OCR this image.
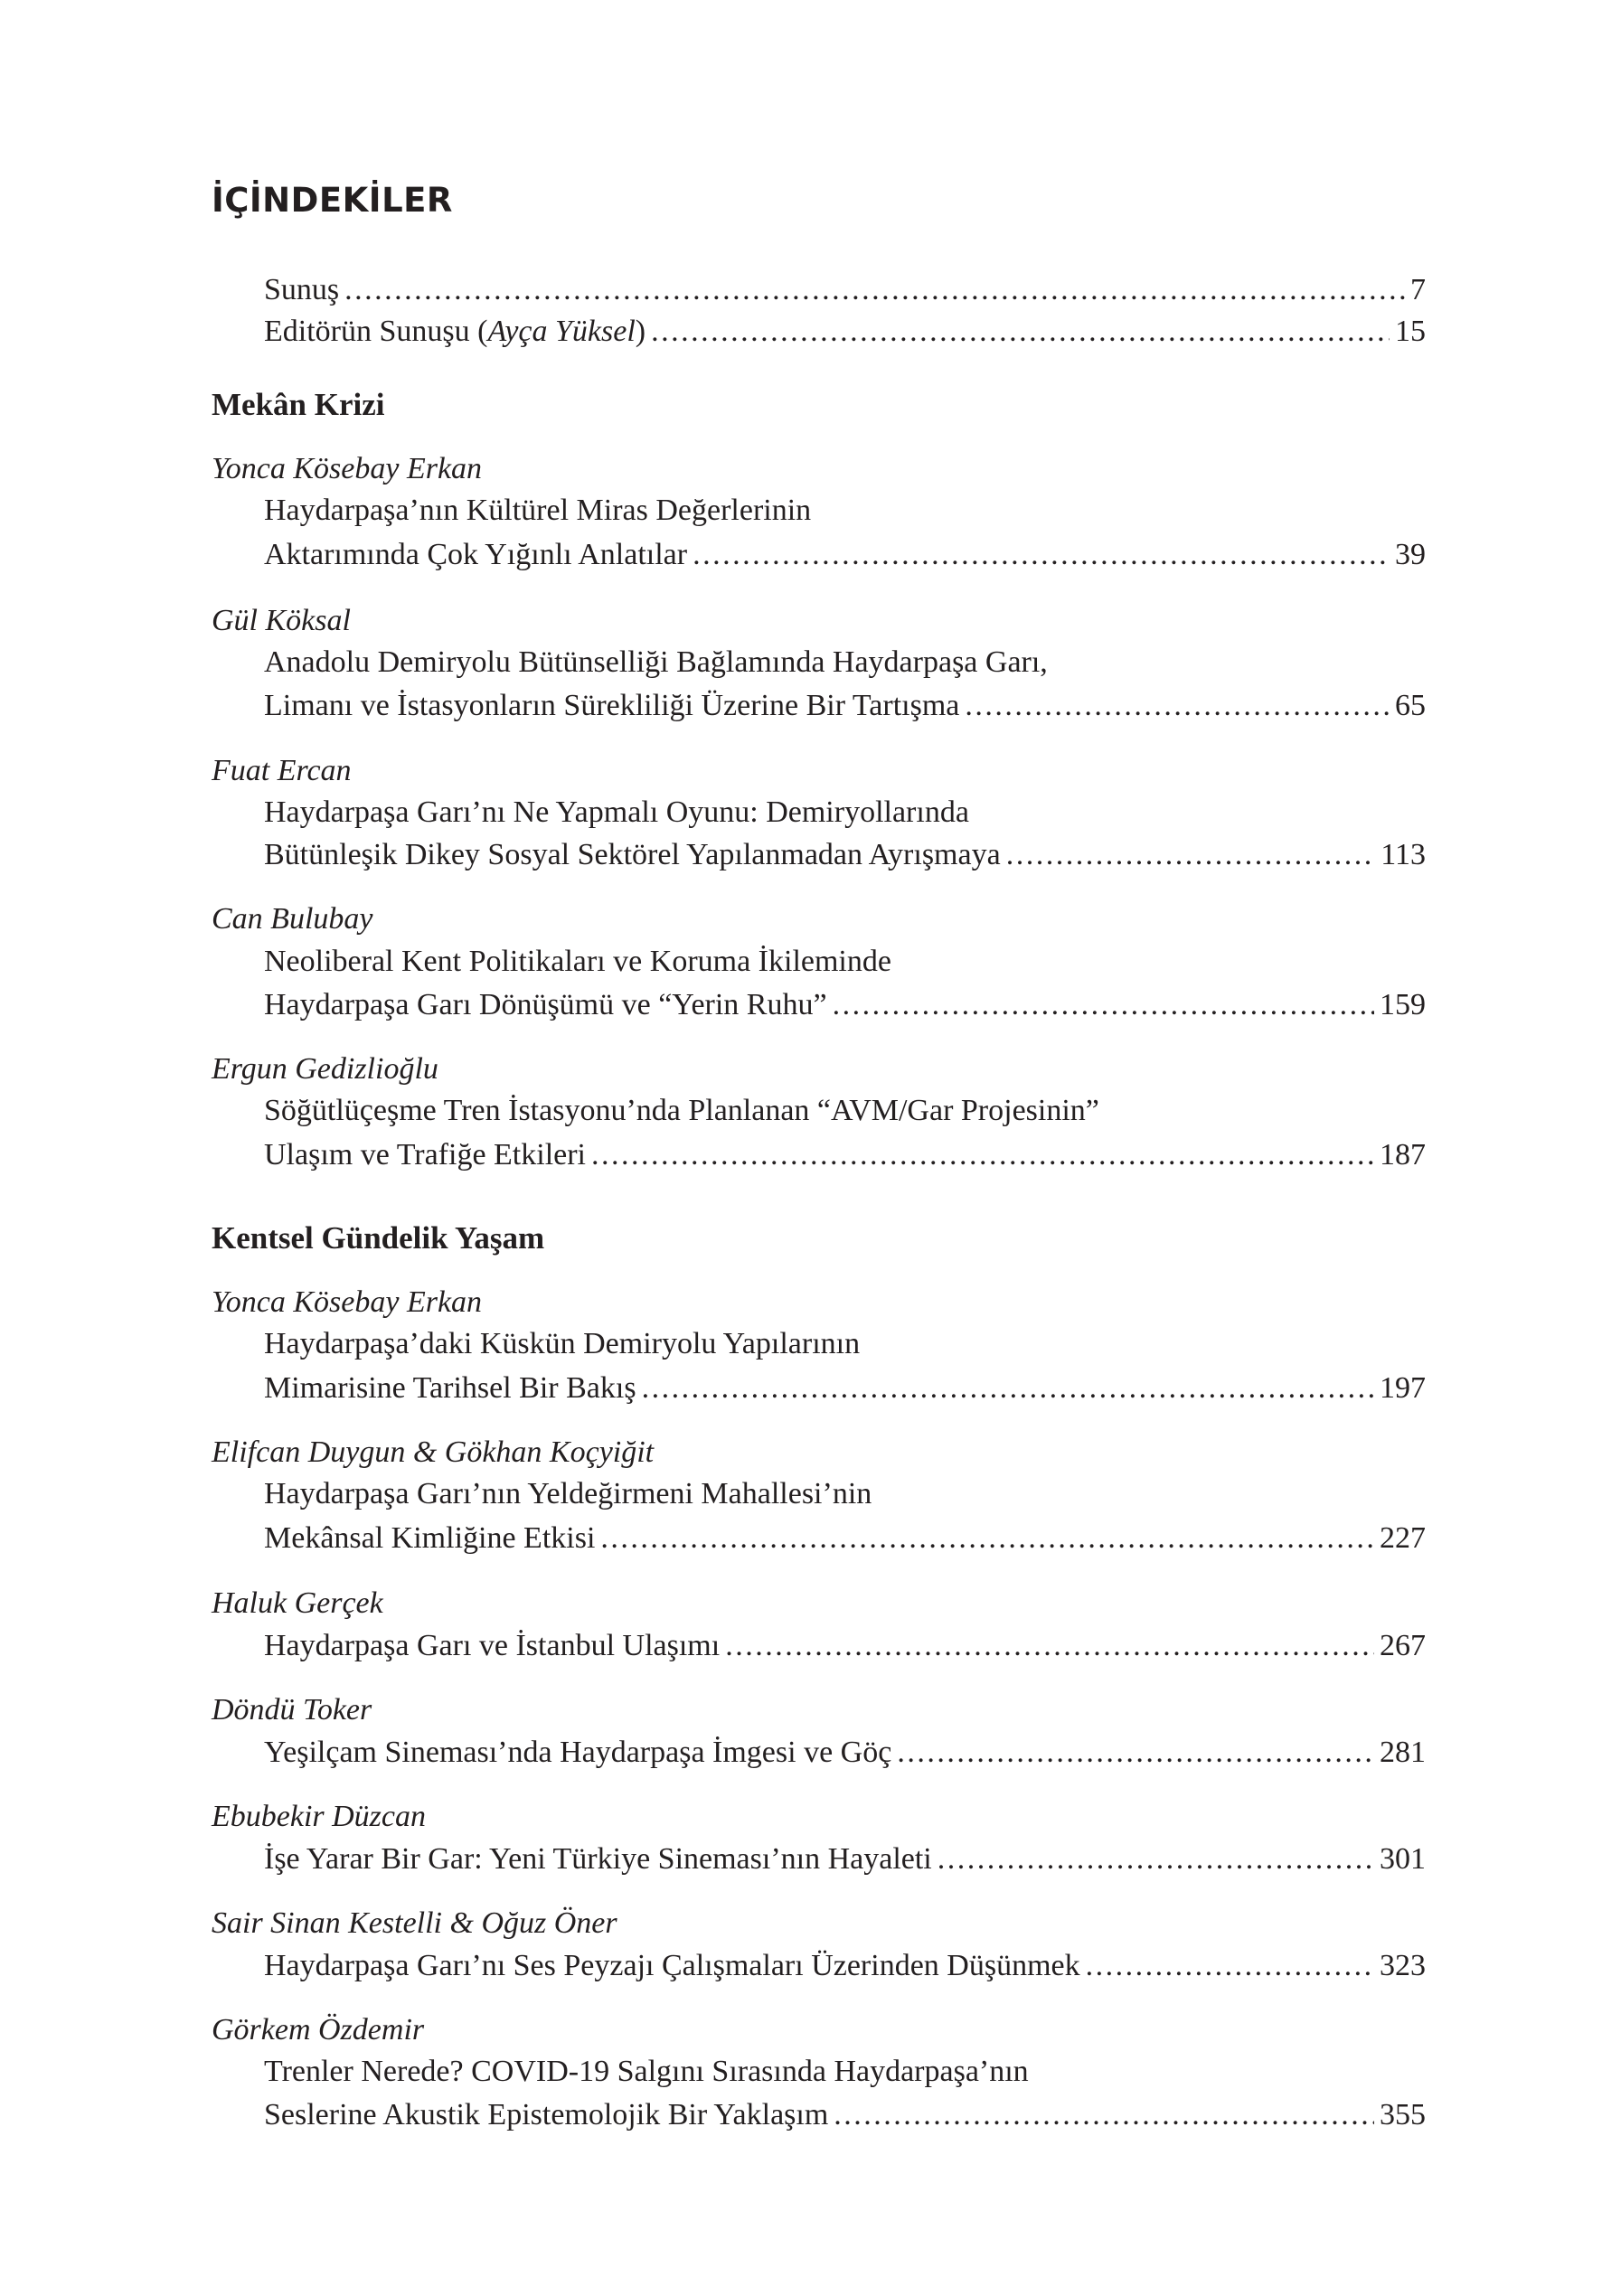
İÇİNDEKİLER
Sunuş . . .	7
Editörün Sunuşu (Ayça Yüksel) . . .	15
Mekân Krizi
Yonca Kösebay Erkan
Haydarpaşa’nın Kültürel Miras Değerlerinin
Aktarımında Çok Yığınlı Anlatılar . . .	39
Gül Köksal
Anadolu Demiryolu Bütünselliği Bağlamında Haydarpaşa Garı,
Limanı ve İstasyonların Sürekliliği Üzerine Bir Tartışma . . .	65
Fuat Ercan
Haydarpaşa Garı’nı Ne Yapmalı Oyunu: Demiryollarında
Bütünleşik Dikey Sosyal Sektörel Yapılanmadan Ayrışmaya . . .	113
Can Bulubay
Neoliberal Kent Politikaları ve Koruma İkileminde
Haydarpaşa Garı Dönüşümü ve “Yerin Ruhu” . . .	159
Ergun Gedizlioğlu
Söğütlüçeşme Tren İstasyonu’nda Planlanan “AVM/Gar Projesinin”
Ulaşım ve Trafiğe Etkileri . . .	187
Kentsel Gündelik Yaşam
Yonca Kösebay Erkan
Haydarpaşa’daki Küskün Demiryolu Yapılarının
Mimarisine Tarihsel Bir Bakış . . .	197
Elifcan Duygun & Gökhan Koçyiğit
Haydarpaşa Garı’nın Yeldeğirmeni Mahallesi’nin
Mekânsal Kimliğine Etkisi . . .	227
Haluk Gerçek
Haydarpaşa Garı ve İstanbul Ulaşımı . . .	267
Döndü Toker
Yeşilçam Sineması’nda Haydarpaşa İmgesi ve Göç . . .	281
Ebubekir Düzcan
İşe Yarar Bir Gar: Yeni Türkiye Sineması’nın Hayaleti . . .	301
Sair Sinan Kestelli & Oğuz Öner
Haydarpaşa Garı’nı Ses Peyzajı Çalışmaları Üzerinden Düşünmek . . .	323
Görkem Özdemir
Trenler Nerede? COVID-19 Salgını Sırasında Haydarpaşa’nın
Seslerine Akustik Epistemolojik Bir Yaklaşım . . .	355
